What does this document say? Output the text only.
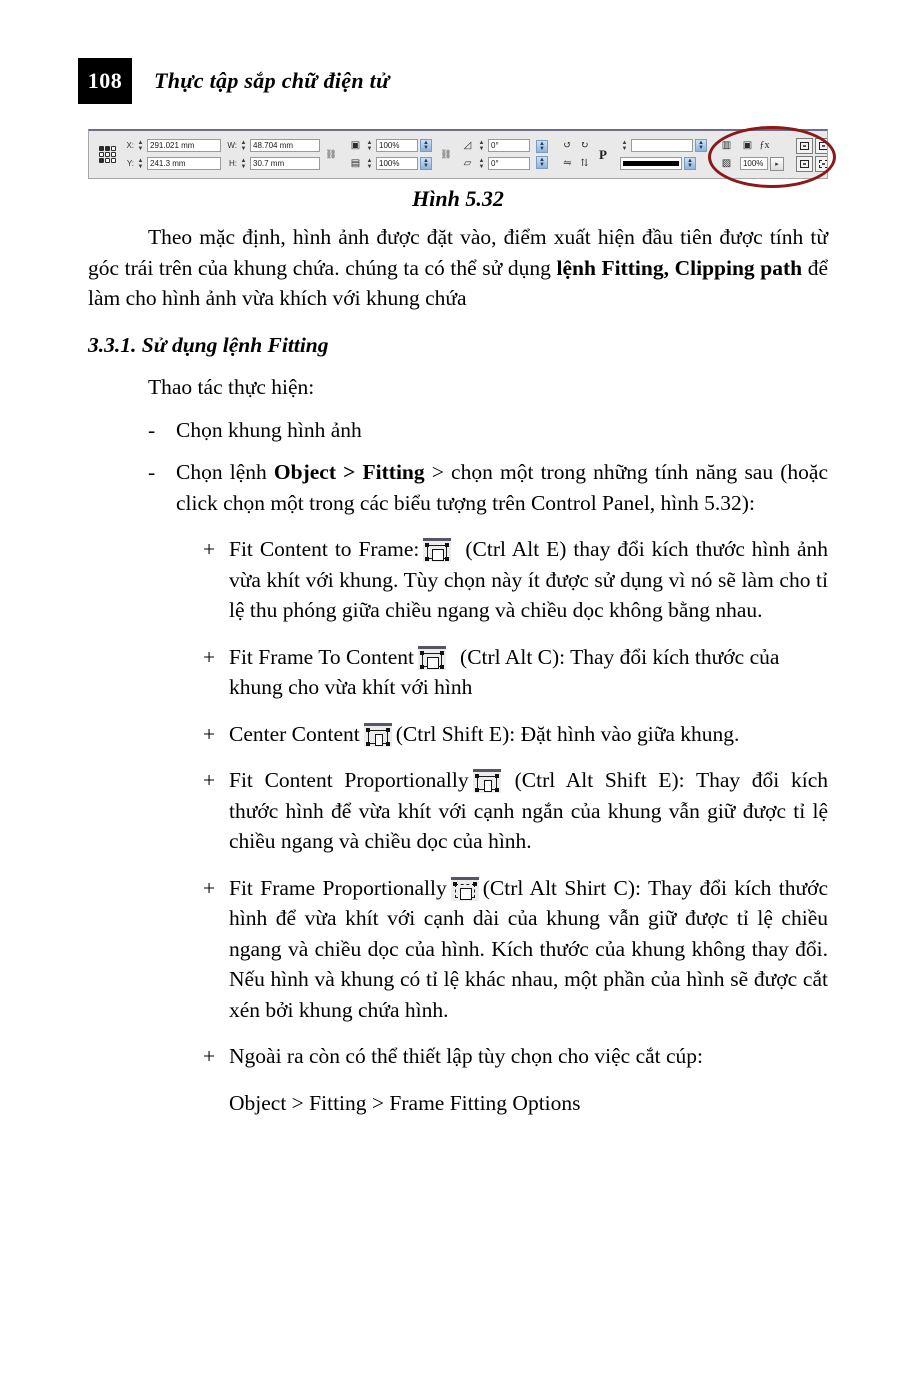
108	Thực tập sắp chữ điện tử
X: ▲
▼ 291.021 mm
Y: ▲
▼ 241.3 mm
W: ▲
▼ 48.704 mm
H: ▲
▼ 30.7 mm
⛓
▣	▲
▼ 100%	▲
▼
▤	▲
▼ 100%	▲
▼
⛓
◿	▲
▼ 0°
▱	▲
▼ 0°
▲
▼
▲
▼
↺ ↻
⇋ ⇅
P
▲
▼
▲
▼
▲
▼
▥
▨
▣ ƒx
100%	▸
Hình 5.32

Theo mặc định, hình ảnh được đặt vào, điểm xuất hiện đầu tiên được tính từ góc trái trên của khung chứa. chúng ta có thể sử dụng lệnh Fitting, Clipping path để làm cho hình ảnh vừa khích với khung chứa

3.3.1. Sử dụng lệnh Fitting
Thao tác thực hiện:
- Chọn khung hình ảnh
- Chọn lệnh Object > Fitting > chọn một trong những tính năng sau (hoặc click chọn một trong các biểu tượng trên Control Panel, hình 5.32):
+ Fit Content to Frame: (Ctrl Alt E) thay đổi kích thước hình ảnh vừa khít với khung. Tùy chọn này ít được sử dụng vì nó sẽ làm cho tỉ lệ thu phóng giữa chiều ngang và chiều dọc không bằng nhau.
+ Fit Frame To Content (Ctrl Alt C): Thay đổi kích thước của khung cho vừa khít với hình
+ Center Content (Ctrl Shift E): Đặt hình vào giữa khung.
+ Fit Content Proportionally (Ctrl Alt Shift E): Thay đổi kích thước hình để vừa khít với cạnh ngắn của khung vẫn giữ được tỉ lệ chiều ngang và chiều dọc của hình.
+ Fit Frame Proportionally (Ctrl Alt Shirt C): Thay đổi kích thước hình để vừa khít với cạnh dài của khung vẫn giữ được tỉ lệ chiều ngang và chiều dọc của hình. Kích thước của khung không thay đổi. Nếu hình và khung có tỉ lệ khác nhau, một phần của hình sẽ được cắt xén bởi khung chứa hình.
+ Ngoài ra còn có thể thiết lập tùy chọn cho việc cắt cúp:
Object > Fitting > Frame Fitting Options
